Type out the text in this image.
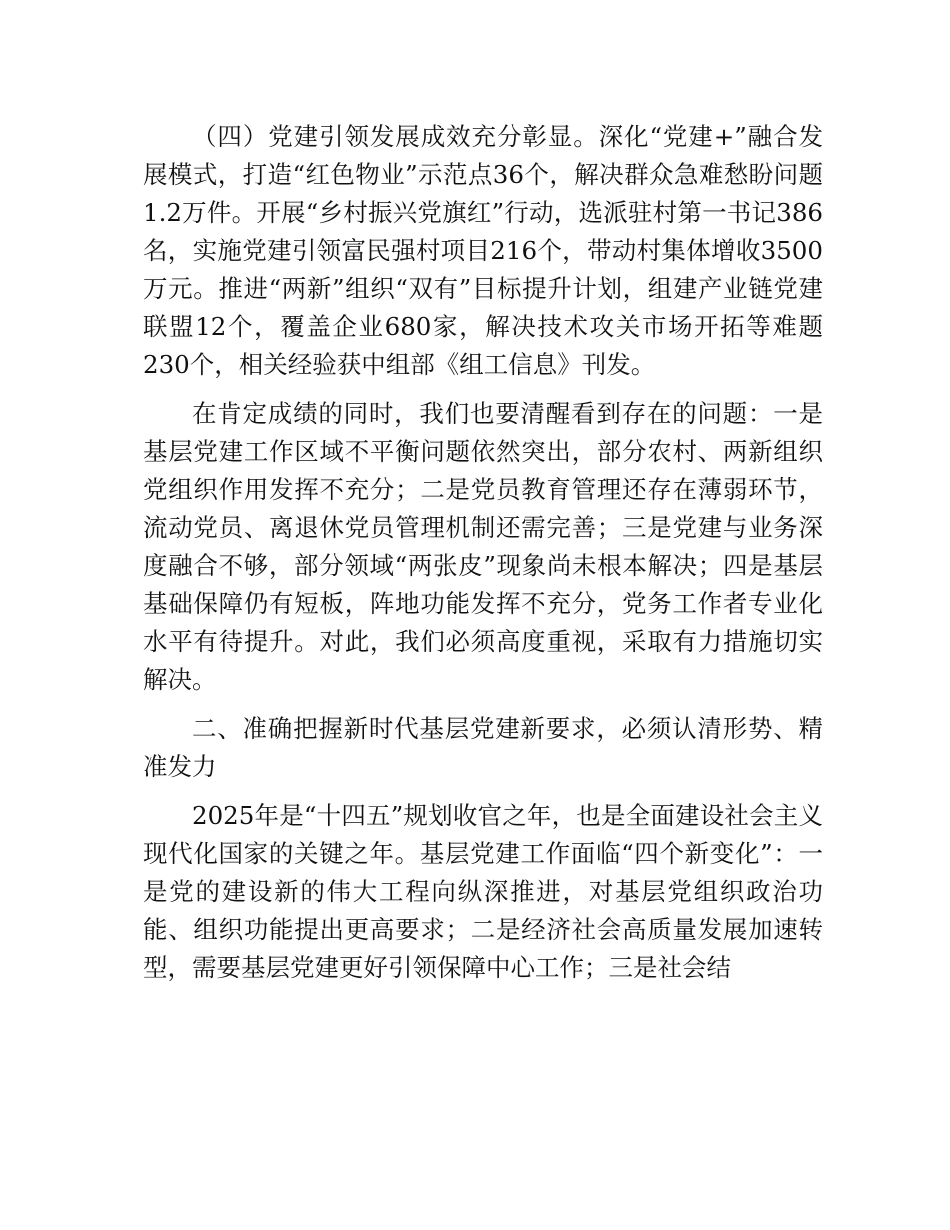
（四）党建引领发展成效充分彰显。深化“党建+”融合发展模式，打造“红色物业”示范点36个，解决群众急难愁盼问题1.2万件。开展“乡村振兴党旗红”行动，选派驻村第一书记386名，实施党建引领富民强村项目216个，带动村集体增收3500万元。推进“两新”组织“双有”目标提升计划，组建产业链党建联盟12个，覆盖企业680家，解决技术攻关市场开拓等难题230个，相关经验获中组部《组工信息》刊发。

在肯定成绩的同时，我们也要清醒看到存在的问题：一是基层党建工作区域不平衡问题依然突出，部分农村、两新组织党组织作用发挥不充分；二是党员教育管理还存在薄弱环节，流动党员、离退休党员管理机制还需完善；三是党建与业务深度融合不够，部分领域“两张皮”现象尚未根本解决；四是基层基础保障仍有短板，阵地功能发挥不充分，党务工作者专业化水平有待提升。对此，我们必须高度重视，采取有力措施切实解决。

二、准确把握新时代基层党建新要求，必须认清形势、精准发力

2025年是“十四五”规划收官之年，也是全面建设社会主义现代化国家的关键之年。基层党建工作面临“四个新变化”：一是党的建设新的伟大工程向纵深推进，对基层党组织政治功能、组织功能提出更高要求；二是经济社会高质量发展加速转型，需要基层党建更好引领保障中心工作；三是社会结
